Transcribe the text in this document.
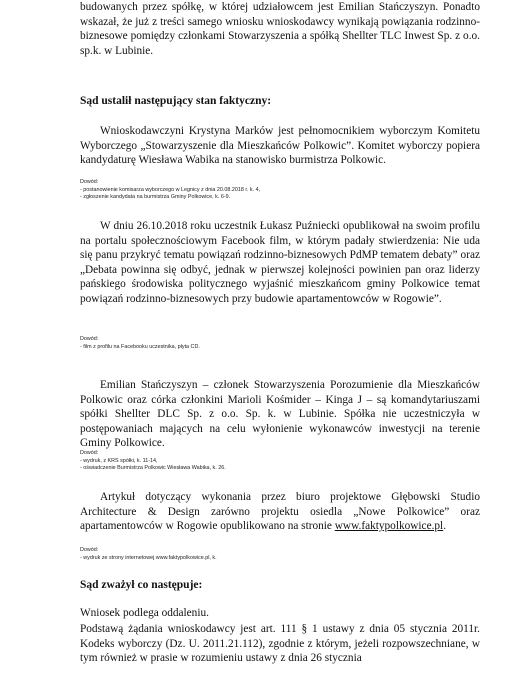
budowanych przez spółkę, w której udziałowcem jest Emilian Stańczyszyn. Ponadto wskazał, że już z treści samego wniosku wnioskodawcy wynikają powiązania rodzinno-biznesowe pomiędzy członkami Stowarzyszenia a spółką Shellter TLC Inwest Sp. z o.o. sp.k. w Lubinie.

Sąd ustalił następujący stan faktyczny:

Wnioskodawczyni Krystyna Marków jest pełnomocnikiem wyborczym Komitetu Wyborczego „Stowarzyszenie dla Mieszkańców Polkowic”. Komitet wyborczy popiera kandydaturę Wiesława Wabika na stanowisko burmistrza Polkowic.

Dowód:
- postanowienie komisarza wyborczego w Legnicy z dnia 20.08.2018 r. k. 4,
- zgłoszenie kandydata na burmistrza Gminy Polkowice, k. 6-9.

W dniu 26.10.2018 roku uczestnik Łukasz Puźniecki opublikował na swoim profilu na portalu społecznościowym Facebook film, w którym padały stwierdzenia: Nie uda się panu przykryć tematu powiązań rodzinno-biznesowych PdMP tematem debaty” oraz „Debata powinna się odbyć, jednak w pierwszej kolejności powinien pan oraz liderzy pańskiego środowiska politycznego wyjaśnić mieszkańcom gminy Polkowice temat powiązań rodzinno-biznesowych przy budowie apartamentowców w Rogowie”.

Dowód:
- film z profilu na Facebooku uczestnika, płyta CD.

Emilian Stańczyszyn – członek Stowarzyszenia Porozumienie dla Mieszkańców Polkowic oraz córka członkini Marioli Kośmider – Kinga J – są komandytariuszami spółki Shellter DLC Sp. z o.o. Sp. k. w Lubinie. Spółka nie uczestniczyła w postępowaniach mających na celu wyłonienie wykonawców inwestycji na terenie Gminy Polkowice.

Dowód:
- wydruk, z KRS spółki, k. 11-14,
- oświadczenie Burmistrza Polkowic Wiesława Wabika, k. 26.

Artykuł dotyczący wykonania przez biuro projektowe Głębowski Studio Architecture & Design zarówno projektu osiedla „Nowe Polkowice” oraz apartamentowców w Rogowie opublikowano na stronie www.faktypolkowice.pl.

Dowód:
- wydruk ze strony internetowej www.faktypolkowice.pl, k.

Sąd zważył co następuje:

Wniosek podlega oddaleniu.

Podstawą żądania wnioskodawcy jest art. 111 § 1 ustawy z dnia 05 stycznia 2011r. Kodeks wyborczy (Dz. U. 2011.21.112), zgodnie z którym, jeżeli rozpowszechniane, w tym również w prasie w rozumieniu ustawy z dnia 26 stycznia
